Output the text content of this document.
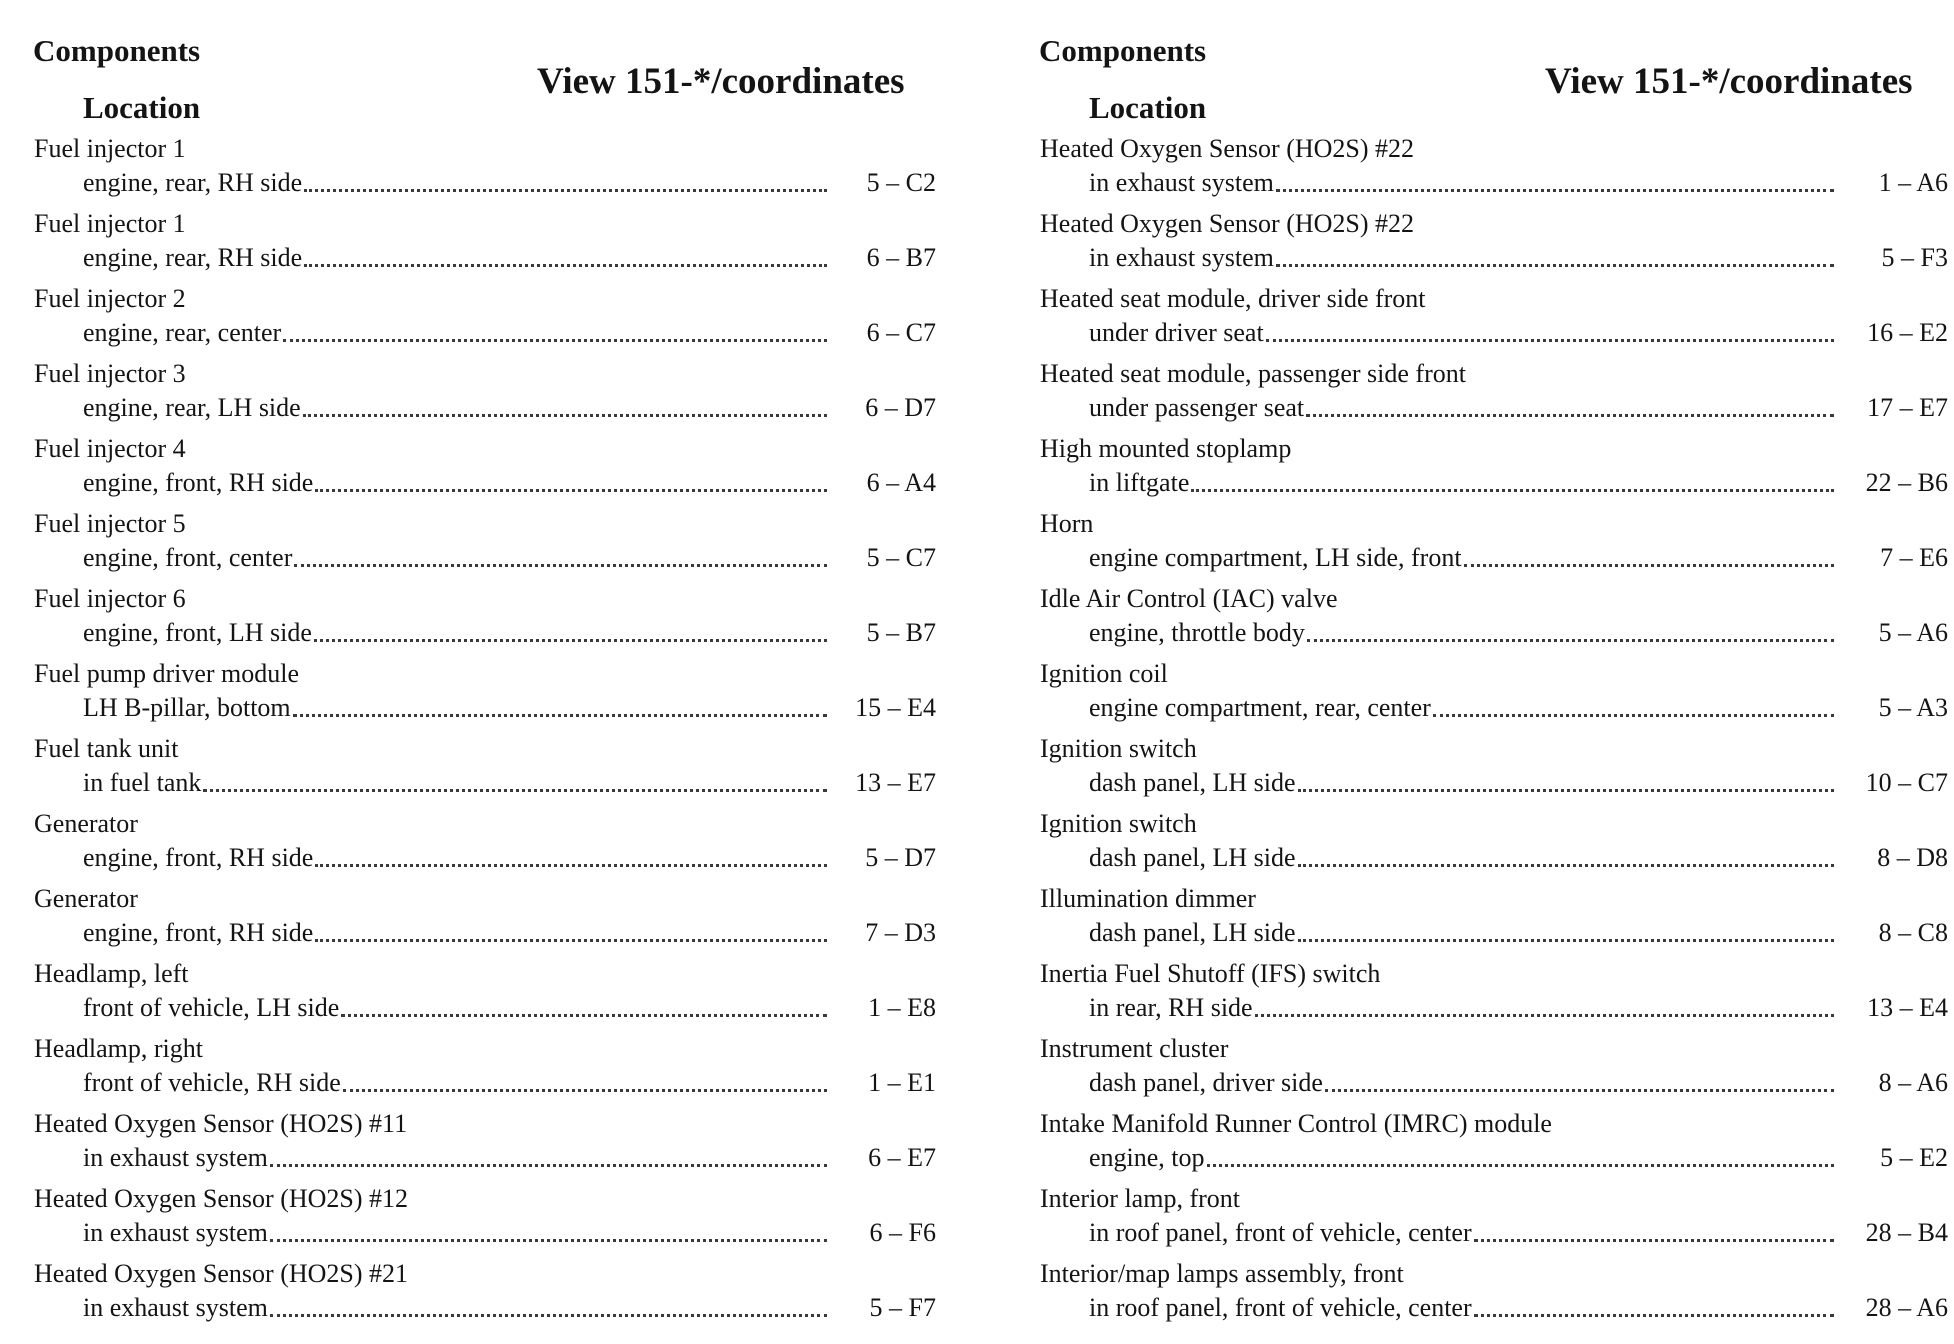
Components
Location
View 151-*/coordinates
Fuel injector 1
engine, rear, RH side	5 – C2
Fuel injector 1
engine, rear, RH side	6 – B7
Fuel injector 2
engine, rear, center	6 – C7
Fuel injector 3
engine, rear, LH side	6 – D7
Fuel injector 4
engine, front, RH side	6 – A4
Fuel injector 5
engine, front, center	5 – C7
Fuel injector 6
engine, front, LH side	5 – B7
Fuel pump driver module
LH B-pillar, bottom	15 – E4
Fuel tank unit
in fuel tank	13 – E7
Generator
engine, front, RH side	5 – D7
Generator
engine, front, RH side	7 – D3
Headlamp, left
front of vehicle, LH side	1 – E8
Headlamp, right
front of vehicle, RH side	1 – E1
Heated Oxygen Sensor (HO2S) #11
in exhaust system	6 – E7
Heated Oxygen Sensor (HO2S) #12
in exhaust system	6 – F6
Heated Oxygen Sensor (HO2S) #21
in exhaust system	5 – F7
Components
Location
View 151-*/coordinates
Heated Oxygen Sensor (HO2S) #22
in exhaust system	1 – A6
Heated Oxygen Sensor (HO2S) #22
in exhaust system	5 – F3
Heated seat module, driver side front
under driver seat	16 – E2
Heated seat module, passenger side front
under passenger seat	17 – E7
High mounted stoplamp
in liftgate	22 – B6
Horn
engine compartment, LH side, front	7 – E6
Idle Air Control (IAC) valve
engine, throttle body	5 – A6
Ignition coil
engine compartment, rear, center	5 – A3
Ignition switch
dash panel, LH side	10 – C7
Ignition switch
dash panel, LH side	8 – D8
Illumination dimmer
dash panel, LH side	8 – C8
Inertia Fuel Shutoff (IFS) switch
in rear, RH side	13 – E4
Instrument cluster
dash panel, driver side	8 – A6
Intake Manifold Runner Control (IMRC) module
engine, top	5 – E2
Interior lamp, front
in roof panel, front of vehicle, center	28 – B4
Interior/map lamps assembly, front
in roof panel, front of vehicle, center	28 – A6
